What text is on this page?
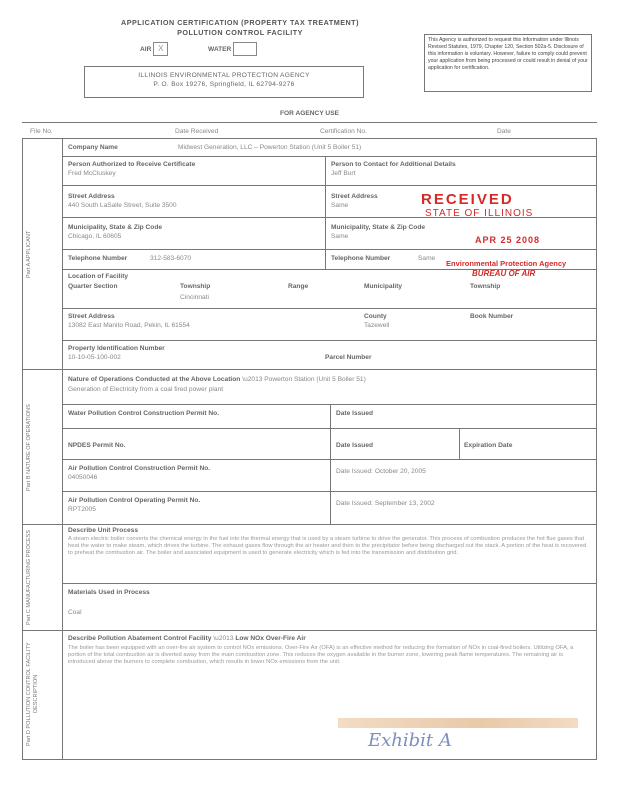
APPLICATION CERTIFICATION (PROPERTY TAX TREATMENT)
POLLUTION CONTROL FACILITY
AIR X	WATER
ILLINOIS ENVIRONMENTAL PROTECTION AGENCY
P. O. Box 19276, Springfield, IL 62794-9276
This Agency is authorized to request this information under Illinois Revised Statutes, 1979, Chapter 120, Section 502a-5. Disclosure of this information is voluntary. However, failure to comply could prevent your application from being processed or could result in denial of your application for certification.
FOR AGENCY USE
File No.	Date Received	Certification No.	Date
Part A APPLICANT
Company Name	Midwest Generation, LLC – Powerton Station (Unit 5 Boiler 51)
Person Authorized to Receive Certificate
Fred McCluskey
Person to Contact for Additional Details
Jeff Burt
Street Address
440 South LaSalle Street, Suite 3500
Street Address
Same
Municipality, State & Zip Code
Chicago, IL 60605
Municipality, State & Zip Code
Same
Telephone Number	312-583-6070	Telephone Number	Same
Location of Facility
Quarter Section	Township
Cincinnati
Range	Municipality	Township
Street Address
13082 East Manito Road, Pekin, IL 61554
County
Tazewell
Book Number
Property Identification Number
10-10-05-100-002	Parcel Number
Part B NATURE OF OPERATIONS
Nature of Operations Conducted at the Above Location \u2013 Powerton Station (Unit 5 Boiler 51)
Generation of Electricity from a coal fired power plant
Water Pollution Control Construction Permit No.	Date Issued
NPDES Permit No.	Date Issued	Expiration Date
Air Pollution Control Construction Permit No.
04050046
Date Issued: October 20, 2005
Air Pollution Control Operating Permit No.
RPT2005
Date Issued: September 13, 2002
Part C MANUFACTURING PROCESS	Describe Unit Process
A steam electric boiler converts the chemical energy in the fuel into the thermal energy that is used by a steam turbine to drive the generator. This process of combustion produces the hot flue gases that heat the water to make steam, which drives the turbine. The exhaust gases flow through the air heater and then to the precipitator before being discharged out the stack. A portion of the heat is recovered to preheat the combustion air. The boiler and associated equipment is used to generate electricity which is fed into the transmission and distribution grid.
Materials Used in Process
Coal
Part D POLLUTION CONTROL FACILITY DESCRIPTION
Describe Pollution Abatement Control Facility \u2013 Low NOx Over-Fire Air
The boiler has been equipped with an over-fire air system to control NOx emissions. Over-Fire Air (OFA) is an effective method for reducing the formation of NOx in coal-fired boilers. Utilizing OFA, a portion of the total combustion air is diverted away from the main combustion zone. This reduces the oxygen available in the burner zone, lowering peak flame temperatures. The remaining air is introduced above the burners to complete combustion, which results in lower NOx emissions from the unit.
Exhibit A
RECEIVED
STATE OF ILLINOIS
APR 25 2008
Environmental Protection Agency
BUREAU OF AIR
